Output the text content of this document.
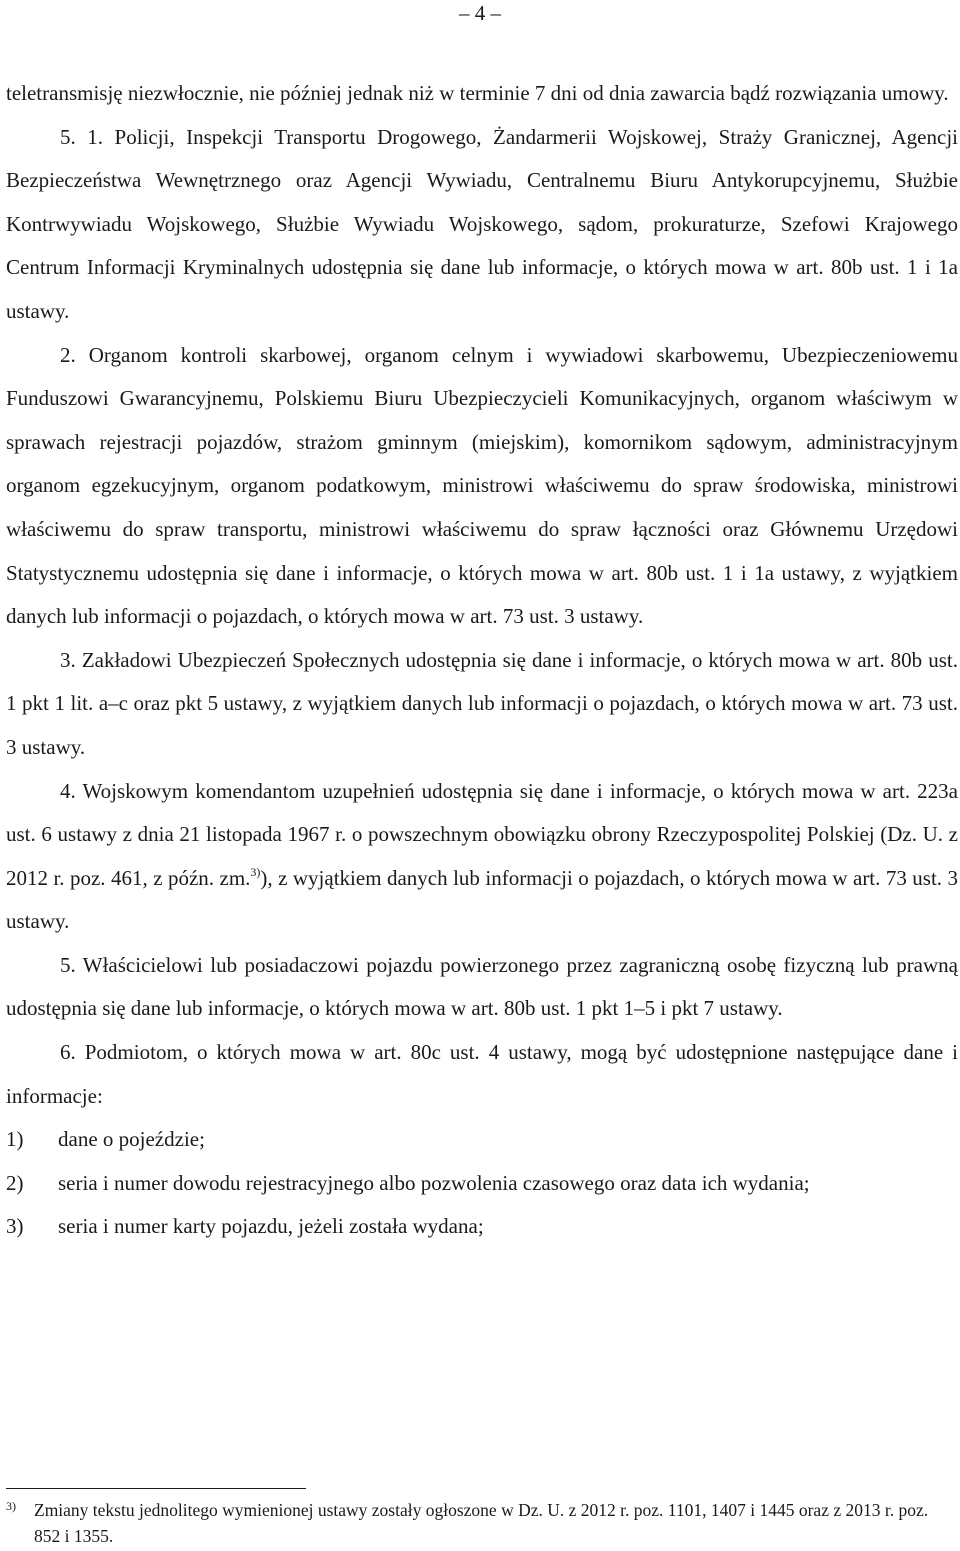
– 4 –

teletransmisję niezwłocznie, nie później jednak niż w terminie 7 dni od dnia zawarcia bądź rozwiązania umowy.

5. 1. Policji, Inspekcji Transportu Drogowego, Żandarmerii Wojskowej, Straży Granicznej, Agencji Bezpieczeństwa Wewnętrznego oraz Agencji Wywiadu, Centralnemu Biuru Antykorupcyjnemu, Służbie Kontrwywiadu Wojskowego, Służbie Wywiadu Wojskowego, sądom, prokuraturze, Szefowi Krajowego Centrum Informacji Kryminalnych udostępnia się dane lub informacje, o których mowa w art. 80b ust. 1 i 1a ustawy.

2. Organom kontroli skarbowej, organom celnym i wywiadowi skarbowemu, Ubezpieczeniowemu Funduszowi Gwarancyjnemu, Polskiemu Biuru Ubezpieczycieli Komunikacyjnych, organom właściwym w sprawach rejestracji pojazdów, strażom gminnym (miejskim), komornikom sądowym, administracyjnym organom egzekucyjnym, organom podatkowym, ministrowi właściwemu do spraw środowiska, ministrowi właściwemu do spraw transportu, ministrowi właściwemu do spraw łączności oraz Głównemu Urzędowi Statystycznemu udostępnia się dane i informacje, o których mowa w art. 80b ust. 1 i 1a ustawy, z wyjątkiem danych lub informacji o pojazdach, o których mowa w art. 73 ust. 3 ustawy.

3. Zakładowi Ubezpieczeń Społecznych udostępnia się dane i informacje, o których mowa w art. 80b ust. 1 pkt 1 lit. a–c oraz pkt 5 ustawy, z wyjątkiem danych lub informacji o pojazdach, o których mowa w art. 73 ust. 3 ustawy.

4. Wojskowym komendantom uzupełnień udostępnia się dane i informacje, o których mowa w art. 223a ust. 6 ustawy z dnia 21 listopada 1967 r. o powszechnym obowiązku obrony Rzeczypospolitej Polskiej (Dz. U. z 2012 r. poz. 461, z późn. zm.$^{3)}$), z wyjątkiem danych lub informacji o pojazdach, o których mowa w art. 73 ust. 3 ustawy.

5. Właścicielowi lub posiadaczowi pojazdu powierzonego przez zagraniczną osobę fizyczną lub prawną udostępnia się dane lub informacje, o których mowa w art. 80b ust. 1 pkt 1–5 i pkt 7 ustawy.

6. Podmiotom, o których mowa w art. 80c ust. 4 ustawy, mogą być udostępnione następujące dane i informacje:

1)	dane o pojeździe;
2)	seria i numer dowodu rejestracyjnego albo pozwolenia czasowego oraz data ich wydania;
3)	seria i numer karty pojazdu, jeżeli została wydana;
3)	Zmiany tekstu jednolitego wymienionej ustawy zostały ogłoszone w Dz. U. z 2012 r. poz. 1101, 1407 i 1445 oraz z 2013 r. poz. 852 i 1355.
